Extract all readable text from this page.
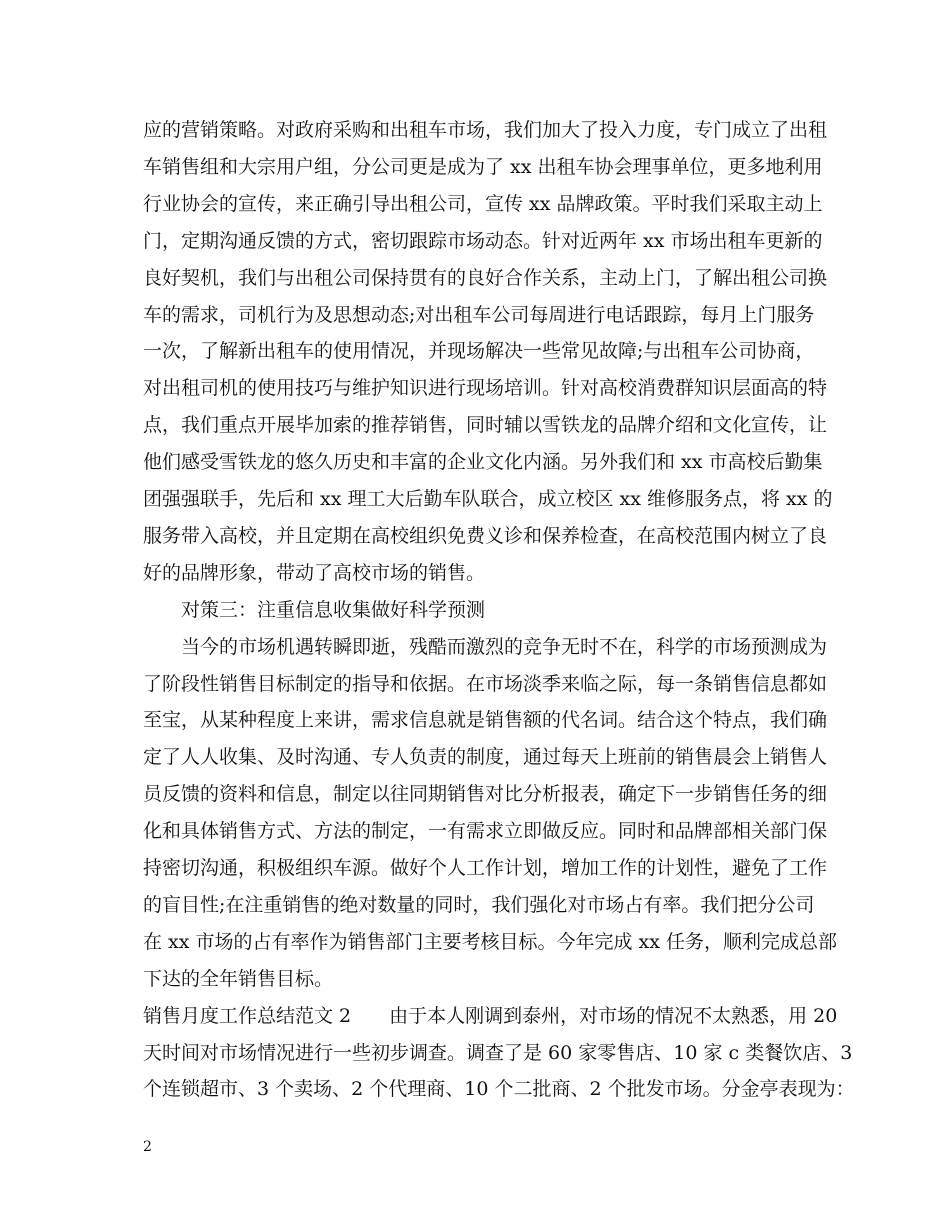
应的营销策略。对政府采购和出租车市场，我们加大了投入力度，专门成立了出租
车销售组和大宗用户组，分公司更是成为了 xx 出租车协会理事单位，更多地利用
行业协会的宣传，来正确引导出租公司，宣传 xx 品牌政策。平时我们采取主动上
门，定期沟通反馈的方式，密切跟踪市场动态。针对近两年 xx 市场出租车更新的
良好契机，我们与出租公司保持贯有的良好合作关系，主动上门，了解出租公司换
车的需求，司机行为及思想动态;对出租车公司每周进行电话跟踪，每月上门服务
一次，了解新出租车的使用情况，并现场解决一些常见故障;与出租车公司协商，
对出租司机的使用技巧与维护知识进行现场培训。针对高校消费群知识层面高的特
点，我们重点开展毕加索的推荐销售，同时辅以雪铁龙的品牌介绍和文化宣传，让
他们感受雪铁龙的悠久历史和丰富的企业文化内涵。另外我们和 xx 市高校后勤集
团强强联手，先后和 xx 理工大后勤车队联合，成立校区 xx 维修服务点，将 xx 的
服务带入高校，并且定期在高校组织免费义诊和保养检查，在高校范围内树立了良
好的品牌形象，带动了高校市场的销售。
　　对策三：注重信息收集做好科学预测
　　当今的市场机遇转瞬即逝，残酷而激烈的竞争无时不在，科学的市场预测成为
了阶段性销售目标制定的指导和依据。在市场淡季来临之际，每一条销售信息都如
至宝，从某种程度上来讲，需求信息就是销售额的代名词。结合这个特点，我们确
定了人人收集、及时沟通、专人负责的制度，通过每天上班前的销售晨会上销售人
员反馈的资料和信息，制定以往同期销售对比分析报表，确定下一步销售任务的细
化和具体销售方式、方法的制定，一有需求立即做反应。同时和品牌部相关部门保
持密切沟通，积极组织车源。做好个人工作计划，增加工作的计划性，避免了工作
的盲目性;在注重销售的绝对数量的同时，我们强化对市场占有率。我们把分公司
在 xx 市场的占有率作为销售部门主要考核目标。今年完成 xx 任务，顺利完成总部
下达的全年销售目标。
销售月度工作总结范文 2　　由于本人刚调到泰州，对市场的情况不太熟悉，用 20
天时间对市场情况进行一些初步调查。调查了是 60 家零售店、10 家 c 类餐饮店、3
个连锁超市、3 个卖场、2 个代理商、10 个二批商、2 个批发市场。分金亭表现为：
2
